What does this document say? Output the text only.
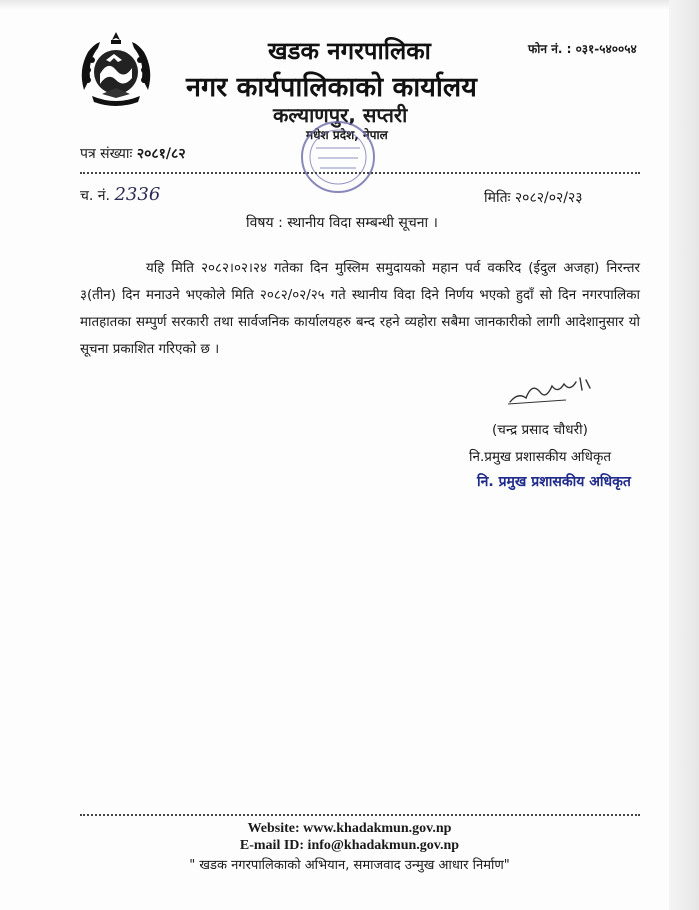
खडक नगरपालिका	फोन नं. : ०३१-५४००५४
नगर कार्यपालिकाको कार्यालय
कल्याणपुर, सप्तरी
मधेश प्रदेश, नेपाल
पत्र संख्याः २०८१/८२
च. नं. 2336	मितिः २०८२/०२/२३
विषय : स्थानीय विदा सम्बन्धी सूचना ।
यहि मिति २०८२।०२।२४ गतेका दिन मुस्लिम समुदायको महान पर्व वकरिद (ईदुल अजहा) निरन्तर ३(तीन) दिन मनाउने भएकोले मिति २०८२/०२/२५ गते स्थानीय विदा दिने निर्णय भएको हुदाँ सो दिन नगरपालिका मातहातका सम्पुर्ण सरकारी तथा सार्वजनिक कार्यालयहरु बन्द रहने व्यहोरा सबैमा जानकारीको लागी आदेशानुसार यो सूचना प्रकाशित गरिएको छ ।
(चन्द्र प्रसाद चौधरी)
नि.प्रमुख प्रशासकीय अधिकृत
नि. प्रमुख प्रशासकीय अधिकृत
Website: www.khadakmun.gov.np
E-mail ID: info@khadakmun.gov.np
" खडक नगरपालिकाको अभियान, समाजवाद उन्मुख आधार निर्माण"
